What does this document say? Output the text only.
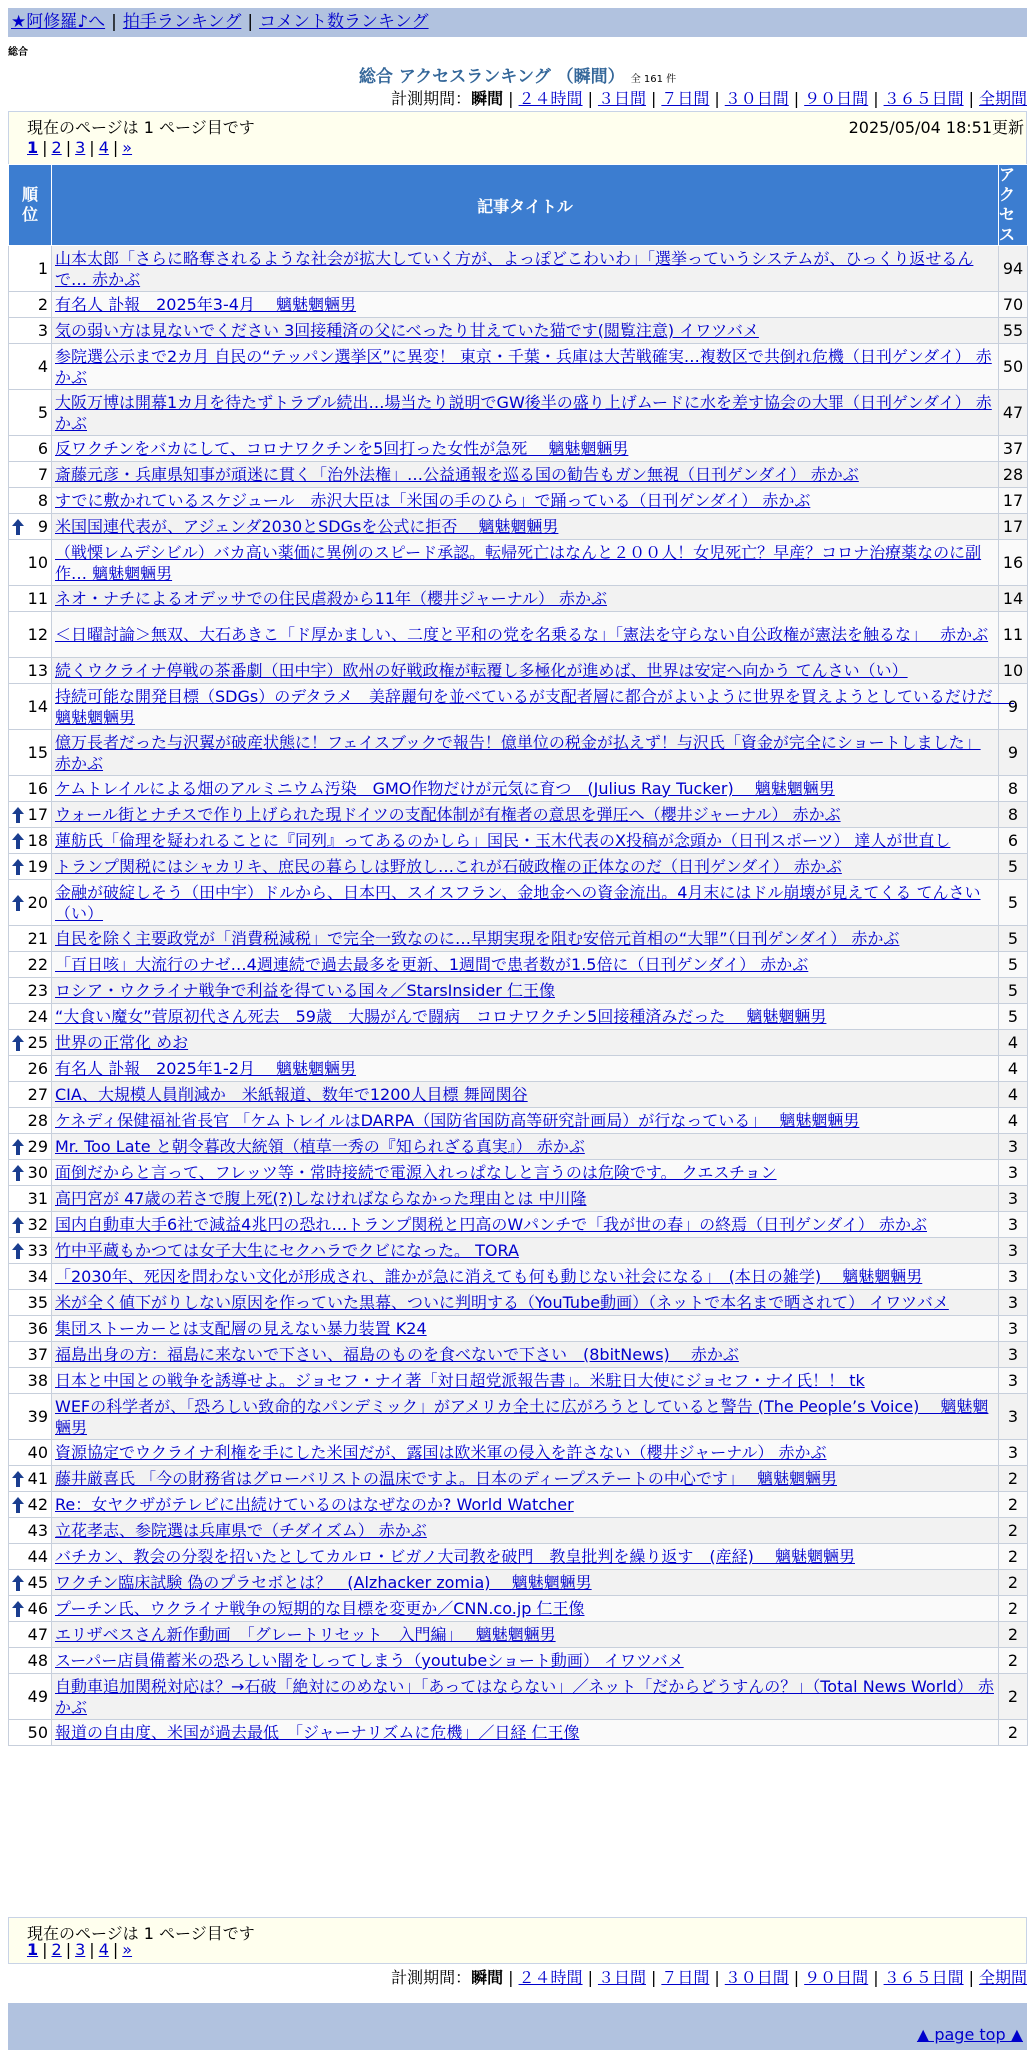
★阿修羅♪へ | 拍手ランキング | コメント数ランキング
総合
総合 アクセスランキング （瞬間） 全 161 件
計測期間：瞬間 | ２４時間 | ３日間 | ７日間 | ３０日間 | ９０日間 | ３６５日間 | 全期間
現在のページは 1 ページ目です	2025/05/04 18:51更新
1 | 2 | 3 | 4 | »
順位	記事タイトル	アクセス

1	山本太郎「さらに略奪されるような社会が拡大していく方が、よっぽどこわいわ」「選挙っていうシステムが、ひっくり返せるんで… 赤かぶ	94
2	有名人 訃報　2025年3-4月　 魑魅魍魎男	70
3	気の弱い方は見ないでください 3回接種済の父にべったり甘えていた猫です(閲覧注意) イワツバメ	55
4	参院選公示まで2カ月 自民の“テッパン選挙区”に異変！ 東京・千葉・兵庫は大苦戦確実…複数区で共倒れ危機（日刊ゲンダイ） 赤かぶ	50
5	大阪万博は開幕1カ月を待たずトラブル続出…場当たり説明でGW後半の盛り上げムードに水を差す協会の大罪（日刊ゲンダイ） 赤かぶ	47
6	反ワクチンをバカにして、コロナワクチンを5回打った女性が急死　 魑魅魍魎男	37
7	斎藤元彦・兵庫県知事が頑迷に貫く「治外法権」…公益通報を巡る国の勧告もガン無視（日刊ゲンダイ） 赤かぶ	28
8	すでに敷かれているスケジュール　赤沢大臣は「米国の手のひら」で踊っている（日刊ゲンダイ） 赤かぶ	17

9	米国国連代表が、アジェンダ2030とSDGsを公式に拒否　 魑魅魍魎男	17
10	（戦慄レムデシビル）バカ高い薬価に異例のスピード承認。転帰死亡はなんと２００人！女児死亡？早産？コロナ治療薬なのに副作… 魑魅魍魎男	16
11	ネオ・ナチによるオデッサでの住民虐殺から11年（櫻井ジャーナル） 赤かぶ	14
12	＜日曜討論＞無双、大石あきこ「ド厚かましい、二度と平和の党を名乗るな」「憲法を守らない自公政権が憲法を触るな」　 赤かぶ	11
13	続くウクライナ停戦の茶番劇（田中宇）欧州の好戦政権が転覆し多極化が進めば、世界は安定へ向かう てんさい（い）	10
14	持続可能な開発目標（SDGs）のデタラメ　美辞麗句を並べているが支配者層に都合がよいように世界を買えようとしているだけだ　 魑魅魍魎男	9
15	億万長者だった与沢翼が破産状態に！フェイスブックで報告！億単位の税金が払えず！与沢氏「資金が完全にショートしました」 赤かぶ	9
16	ケムトレイルによる畑のアルミニウム汚染　GMO作物だけが元気に育つ　(Julius Ray Tucker)　 魑魅魍魎男	8

17	ウォール街とナチスで作り上げられた現ドイツの支配体制が有権者の意思を弾圧へ（櫻井ジャーナル） 赤かぶ	8

18	蓮舫氏「倫理を疑われることに『同列』ってあるのかしら」国民・玉木代表のX投稿が念頭か（日刊スポーツ） 達人が世直し	6

19	トランプ関税にはシャカリキ、庶民の暮らしは野放し…これが石破政権の正体なのだ（日刊ゲンダイ） 赤かぶ	5

20	金融が破綻しそう（田中宇）ドルから、日本円、スイスフラン、金地金への資金流出。4月末にはドル崩壊が見えてくる てんさい（い）	5
21	自民を除く主要政党が「消費税減税」で完全一致なのに…早期実現を阻む安倍元首相の“大罪”（日刊ゲンダイ） 赤かぶ	5
22	「百日咳」大流行のナゼ…4週連続で過去最多を更新、1週間で患者数が1.5倍に（日刊ゲンダイ） 赤かぶ	5
23	ロシア・ウクライナ戦争で利益を得ている国々／StarsInsider 仁王像	5
24	“大食い魔女”菅原初代さん死去　59歳　大腸がんで闘病　コロナワクチン5回接種済みだった　 魑魅魍魎男	5

25	世界の正常化 めお	4
26	有名人 訃報　2025年1-2月　 魑魅魍魎男	4
27	CIA、大規模人員削減か　米紙報道、数年で1200人目標 舞岡関谷	4
28	ケネディ保健福祉省長官 「ケムトレイルはDARPA（国防省国防高等研究計画局）が行なっている」　 魑魅魍魎男	4

29	Mr. Too Late と朝令暮改大統領（植草一秀の『知られざる真実』） 赤かぶ	3

30	面倒だからと言って、フレッツ等・常時接続で電源入れっぱなしと言うのは危険です。 クエスチョン	3
31	高円宮が 47歳の若さで腹上死(?)しなければならなかった理由とは 中川隆	3

32	国内自動車大手6社で減益4兆円の恐れ…トランプ関税と円高のWパンチで「我が世の春」の終焉（日刊ゲンダイ） 赤かぶ	3

33	竹中平蔵もかつては女子大生にセクハラでクビになった。 TORA	3
34	「2030年、死因を問わない文化が形成され、誰かが急に消えても何も動じない社会になる」　(本日の雑学)　 魑魅魍魎男	3
35	米が全く値下がりしない原因を作っていた黒幕、ついに判明する（YouTube動画）（ネットで本名まで晒されて） イワツバメ	3
36	集団ストーカーとは支配層の見えない暴力装置 K24	3
37	福島出身の方：福島に来ないで下さい、福島のものを食べないで下さい　(8bitNews)　 赤かぶ	3
38	日本と中国との戦争を誘導せよ。ジョセフ・ナイ著「対日超党派報告書」。米駐日大使にジョセフ・ナイ氏！！ tk	3
39	WEFの科学者が、「恐ろしい致命的なパンデミック」がアメリカ全土に広がろうとしていると警告 (The People’s Voice)　 魑魅魍魎男	3
40	資源協定でウクライナ利権を手にした米国だが、露国は欧米軍の侵入を許さない（櫻井ジャーナル） 赤かぶ	3

41	藤井厳喜氏 「今の財務省はグローバリストの温床ですよ。日本のディープステートの中心です」　 魑魅魍魎男	2

42	Re：女ヤクザがテレビに出続けているのはなぜなのか? World Watcher	2
43	立花孝志、参院選は兵庫県で（チダイズム） 赤かぶ	2
44	バチカン、教会の分裂を招いたとしてカルロ・ビガノ大司教を破門　教皇批判を繰り返す　(産経)　 魑魅魍魎男	2

45	ワクチン臨床試験 偽のプラセボとは？　(Alzhacker zomia)　 魑魅魍魎男	2

46	プーチン氏、ウクライナ戦争の短期的な目標を変更か／CNN.co.jp 仁王像	2
47	エリザベスさん新作動画　「グレートリセット　入門編」　 魑魅魍魎男	2
48	スーパー店員備蓄米の恐ろしい闇をしってしまう（youtubeショート動画） イワツバメ	2
49	自動車追加関税対応は？→石破「絶対にのめない」「あってはならない」／ネット「だからどうすんの？」（Total News World） 赤かぶ	2
50	報道の自由度、米国が過去最低　「ジャーナリズムに危機」／日経 仁王像	2
現在のページは 1 ページ目です
1 | 2 | 3 | 4 | »
計測期間：瞬間 | ２４時間 | ３日間 | ７日間 | ３０日間 | ９０日間 | ３６５日間 | 全期間
▲ page top ▲
